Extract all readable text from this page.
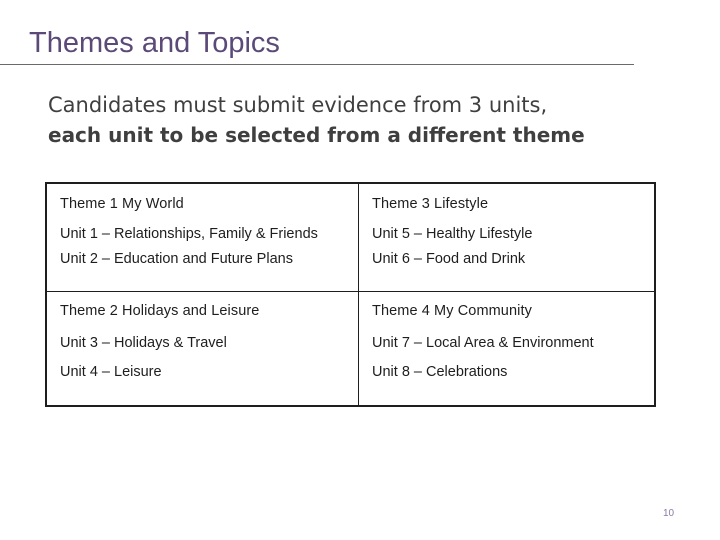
Themes and Topics
Candidates must submit evidence from 3 units,
each unit to be selected from a different theme
Theme 1 My World
Unit 1 – Relationships, Family & Friends
Unit 2 – Education and Future Plans
Theme 3 Lifestyle
Unit 5 – Healthy Lifestyle
Unit 6 – Food and Drink
Theme 2 Holidays and Leisure
Unit 3 – Holidays & Travel
Unit 4 – Leisure
Theme 4 My Community
Unit 7 – Local Area & Environment
Unit 8 – Celebrations
10
